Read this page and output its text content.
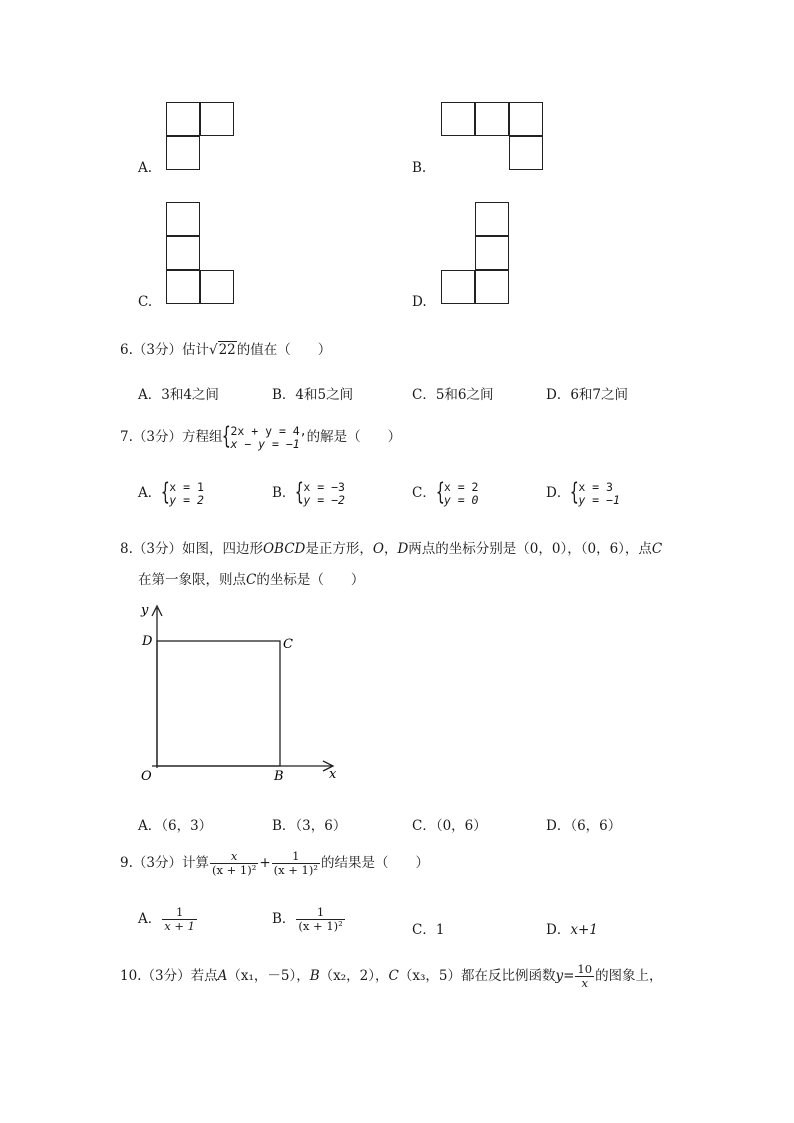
A.	B.
C.	D.
6.（3分）估计√22的值在（　　）
A．3和4之间	B．4和5之间	C．5和6之间	D．6和7之间
7.（3分）方程组 { 2x + y = 4,
x − y = −1 的解是（　　）
A． { x = 1
y = 2	B． { x = −3
y = −2	C． { x = 2
y = 0	D． { x = 3
y = −1
8.（3分）如图，四边形OBCD是正方形，O，D两点的坐标分别是（0，0），（0，6），点C
在第一象限，则点C的坐标是（　　）
y
x
O	B
C
D
A．（6，3）	B．（3，6）	C．（0，6）	D．（6，6）
9.（3分）计算 $\frac{x}{\text{(x + 1)²}} + \frac{1}{\text{(x + 1)²}}$ 的结果是（　　）
A． $\frac{1}{x + 1}$	B． $\frac{1}{\text{(x + 1)²}}$	C．1	D．x+1
10.（3分）若点A（x₁，－5），B（x₂，2），C（x₃，5）都在反比例函数$y= \frac{10}{x}$ 的图象上，
